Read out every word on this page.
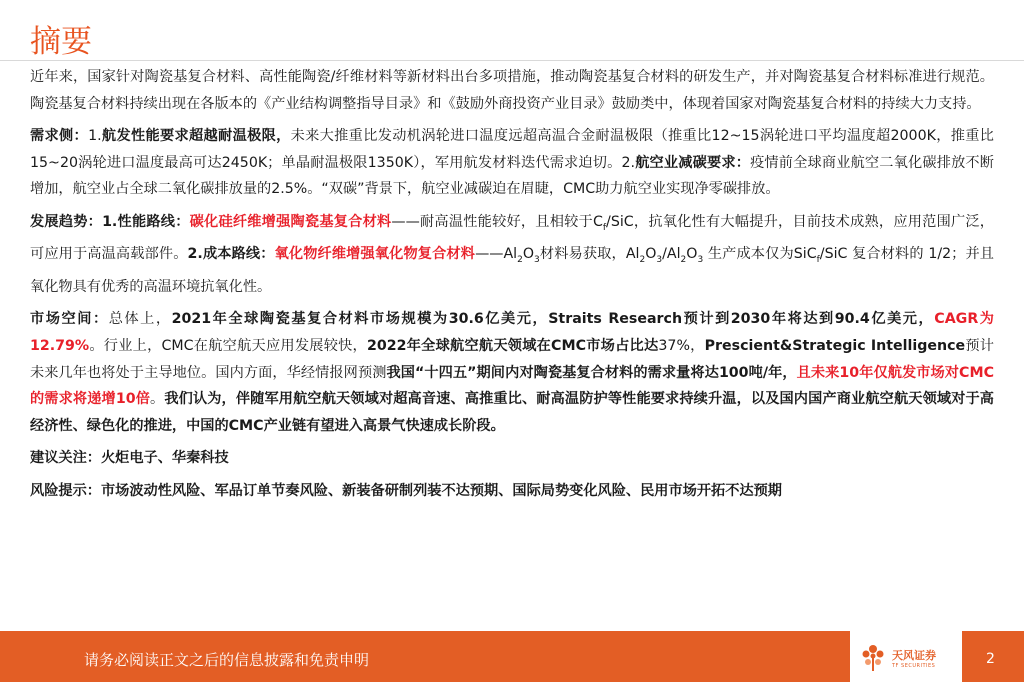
摘要

近年来，国家针对陶瓷基复合材料、高性能陶瓷/纤维材料等新材料出台多项措施，推动陶瓷基复合材料的研发生产，并对陶瓷基复合材料标准进行规范。陶瓷基复合材料持续出现在各版本的《产业结构调整指导目录》和《鼓励外商投资产业目录》鼓励类中，体现着国家对陶瓷基复合材料的持续大力支持。

需求侧：1.航发性能要求超越耐温极限，未来大推重比发动机涡轮进口温度远超高温合金耐温极限（推重比12~15涡轮进口平均温度超2000K，推重比15~20涡轮进口温度最高可达2450K；单晶耐温极限1350K），军用航发材料迭代需求迫切。2.航空业减碳要求：疫情前全球商业航空二氧化碳排放不断增加，航空业占全球二氧化碳排放量的2.5%。“双碳”背景下，航空业减碳迫在眉睫，CMC助力航空业实现净零碳排放。

发展趋势：1.性能路线：碳化硅纤维增强陶瓷基复合材料——耐高温性能较好，且相较于$C_f$/SiC，抗氧化性有大幅提升，目前技术成熟，应用范围广泛，可应用于高温高载部件。2.成本路线：氧化物纤维增强氧化物复合材料$——Al_2O_3$材料易获取，$Al_2O_3/Al_2O_3$ 生产成本仅为SiC$_f$/SiC 复合材料的 1/2；并且氧化物具有优秀的高温环境抗氧化性。

市场空间：总体上，2021年全球陶瓷基复合材料市场规模为30.6亿美元，Straits Research预计到2030年将达到90.4亿美元，CAGR为12.79%。行业上，CMC在航空航天应用发展较快，2022年全球航空航天领域在CMC市场占比达37%，Prescient&Strategic Intelligence预计未来几年也将处于主导地位。国内方面，华经情报网预测我国“十四五”期间内对陶瓷基复合材料的需求量将达100吨/年，且未来10年仅航发市场对CMC的需求将递增10倍。我们认为，伴随军用航空航天领域对超高音速、高推重比、耐高温防护等性能要求持续升温，以及国内国产商业航空航天领域对于高经济性、绿色化的推进，中国的CMC产业链有望进入高景气快速成长阶段。

建议关注：火炬电子、华秦科技

风险提示：市场波动性风险、军品订单节奏风险、新装备研制列装不达预期、国际局势变化风险、民用市场开拓不达预期

请务必阅读正文之后的信息披露和免责申明	天风证券
TF SECURITIES	2
